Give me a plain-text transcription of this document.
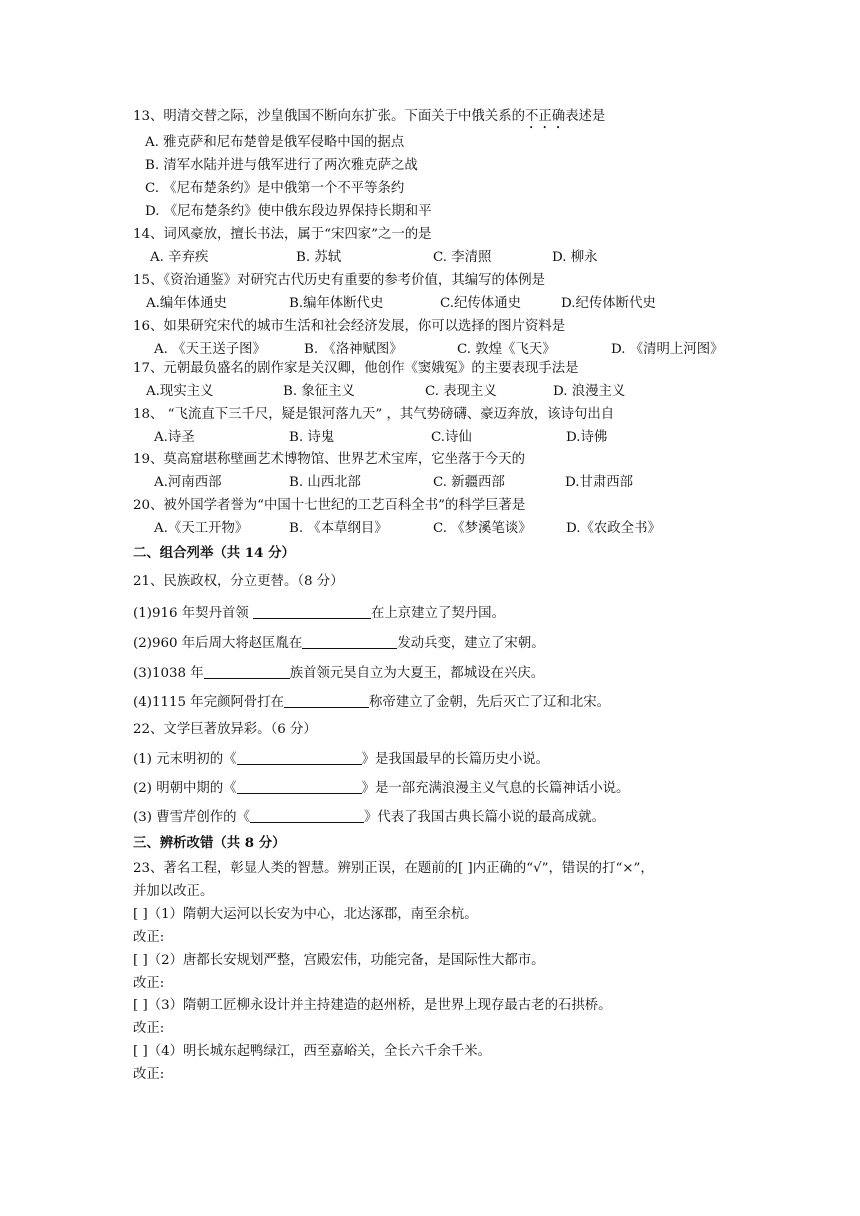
13、明清交替之际，沙皇俄国不断向东扩张。下面关于中俄关系的不正确表述是
A. 雅克萨和尼布楚曾是俄军侵略中国的据点
B. 清军水陆并进与俄军进行了两次雅克萨之战
C. 《尼布楚条约》是中俄第一个不平等条约
D. 《尼布楚条约》使中俄东段边界保持长期和平
14、词风豪放，擅长书法，属于“宋四家”之一的是
A. 辛弃疾	B. 苏轼	C. 李清照	D. 柳永
15、《资治通鉴》对研究古代历史有重要的参考价值，其编写的体例是
A.编年体通史	B.编年体断代史	C.纪传体通史	D.纪传体断代史
16、如果研究宋代的城市生活和社会经济发展，你可以选择的图片资料是
A. 《天王送子图》	B. 《洛神赋图》	C. 敦煌《飞天》	D. 《清明上河图》
17、元朝最负盛名的剧作家是关汉卿，他创作《窦娥冤》的主要表现手法是
A.现实主义	B. 象征主义	C. 表现主义	D. 浪漫主义
18、 “飞流直下三千尺，疑是银河落九天” ，其气势磅礴、豪迈奔放，该诗句出自
A.诗圣	B. 诗鬼	C.诗仙	D.诗佛
19、莫高窟堪称壁画艺术博物馆、世界艺术宝库，它坐落于今天的
A.河南西部	B. 山西北部	C. 新疆西部	D.甘肃西部
20、被外国学者誉为“中国十七世纪的工艺百科全书”的科学巨著是
A.《天工开物》	B. 《本草纲目》	C. 《梦溪笔谈》	D.《农政全书》
二、组合列举（共 14 分）
21、民族政权，分立更替。（8 分）
(1)916 年契丹首领	在上京建立了契丹国。
(2)960 年后周大将赵匡胤在	发动兵变，建立了宋朝。
(3)1038 年	族首领元昊自立为大夏王，都城设在兴庆。
(4)1115 年完颜阿骨打在	称帝建立了金朝，先后灭亡了辽和北宋。
22、文学巨著放异彩。（6 分）
(1) 元末明初的《	》是我国最早的长篇历史小说。
(2) 明朝中期的《	》是一部充满浪漫主义气息的长篇神话小说。
(3) 曹雪芹创作的《	》代表了我国古典长篇小说的最高成就。
三、辨析改错（共 8 分）
23、著名工程，彰显人类的智慧。辨别正误，在题前的[ ]内正确的“√”，错误的打“×”，
并加以改正。
[ ]（1）隋朝大运河以长安为中心，北达涿郡，南至余杭。
改正:
[ ]（2）唐都长安规划严整，宫殿宏伟，功能完备，是国际性大都市。
改正:
[ ]（3）隋朝工匠柳永设计并主持建造的赵州桥，是世界上现存最古老的石拱桥。
改正:
[ ]（4）明长城东起鸭绿江，西至嘉峪关，全长六千余千米。
改正:
